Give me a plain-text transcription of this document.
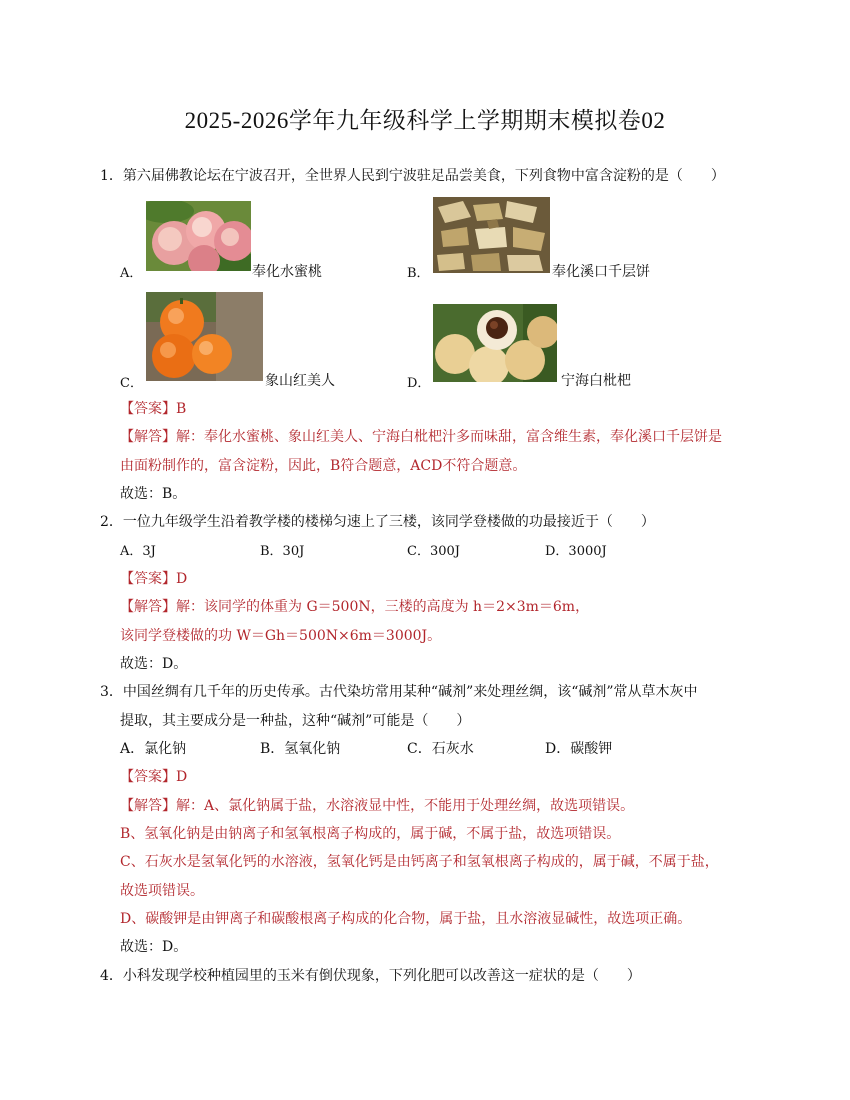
2025-2026学年九年级科学上学期期末模拟卷02
1．第六届佛教论坛在宁波召开，全世界人民到宁波驻足品尝美食，下列食物中富含淀粉的是（　　）
A．	奉化水蜜桃	B．	奉化溪口千层饼
C．	象山红美人	D．	宁海白枇杷
【答案】B
【解答】解：奉化水蜜桃、象山红美人、宁海白枇杷汁多而味甜，富含维生素，奉化溪口千层饼是
由面粉制作的，富含淀粉，因此，B符合题意，ACD不符合题意。
故选：B。
2．一位九年级学生沿着教学楼的楼梯匀速上了三楼，该同学登楼做的功最接近于（　　）
A．3J	B．30J	C．300J	D．3000J
【答案】D
【解答】解：该同学的体重为 G＝500N，三楼的高度为 h＝2×3m＝6m，
该同学登楼做的功 W＝Gh＝500N×6m＝3000J。
故选：D。
3．中国丝绸有几千年的历史传承。古代染坊常用某种“碱剂”来处理丝绸，该“碱剂”常从草木灰中
提取，其主要成分是一种盐，这种“碱剂”可能是（　　）
A．氯化钠	B．氢氧化钠	C．石灰水	D．碳酸钾
【答案】D
【解答】解：A、氯化钠属于盐，水溶液显中性，不能用于处理丝绸，故选项错误。
B、氢氧化钠是由钠离子和氢氧根离子构成的，属于碱，不属于盐，故选项错误。
C、石灰水是氢氧化钙的水溶液，氢氧化钙是由钙离子和氢氧根离子构成的，属于碱，不属于盐，
故选项错误。
D、碳酸钾是由钾离子和碳酸根离子构成的化合物，属于盐，且水溶液显碱性，故选项正确。
故选：D。
4．小科发现学校种植园里的玉米有倒伏现象，下列化肥可以改善这一症状的是（　　）
